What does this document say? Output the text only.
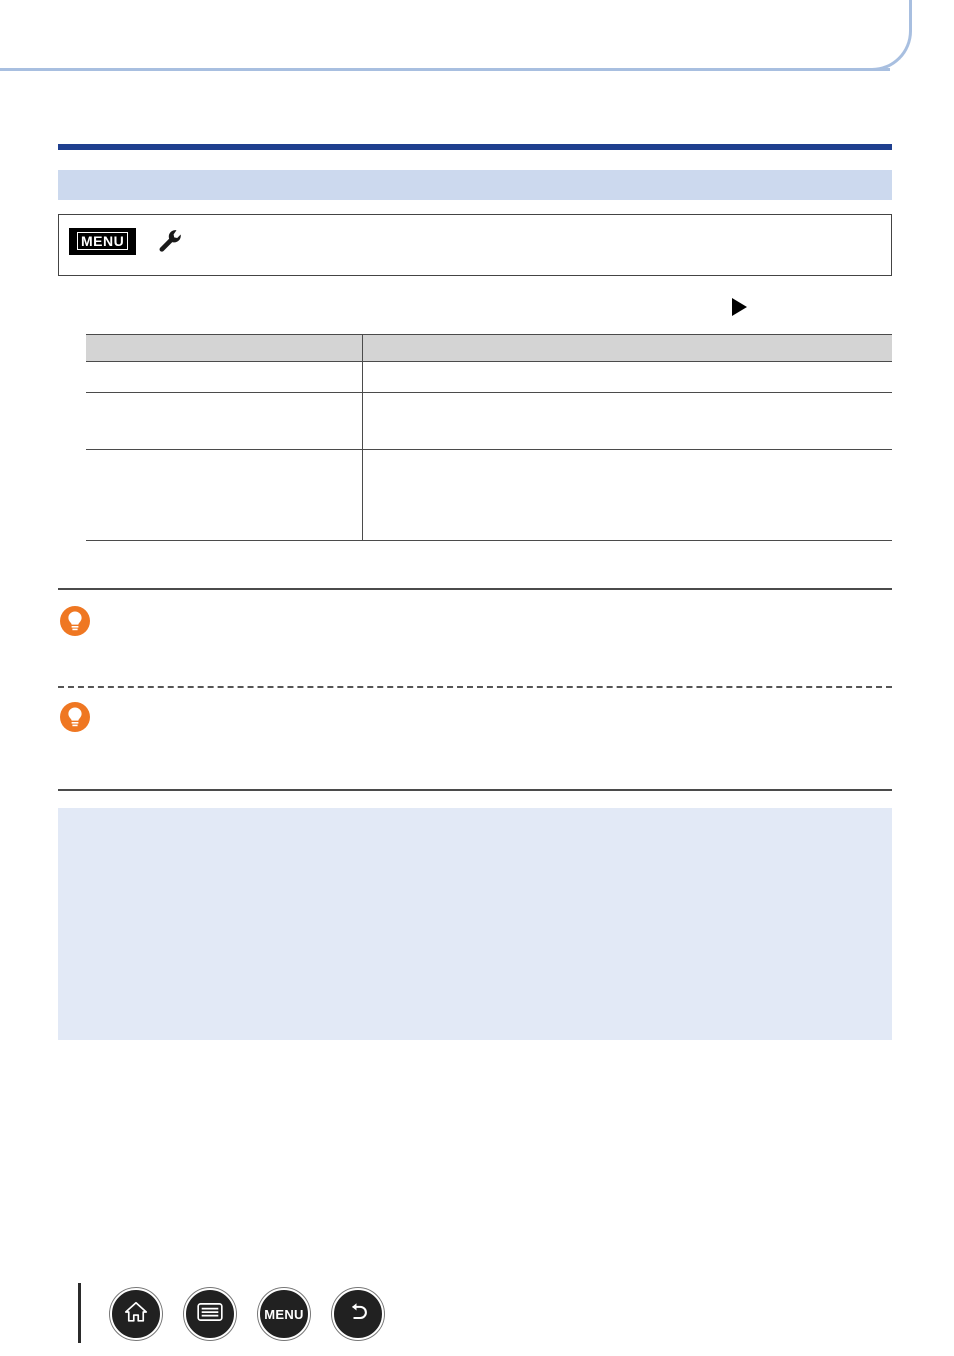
MENU

MENU
